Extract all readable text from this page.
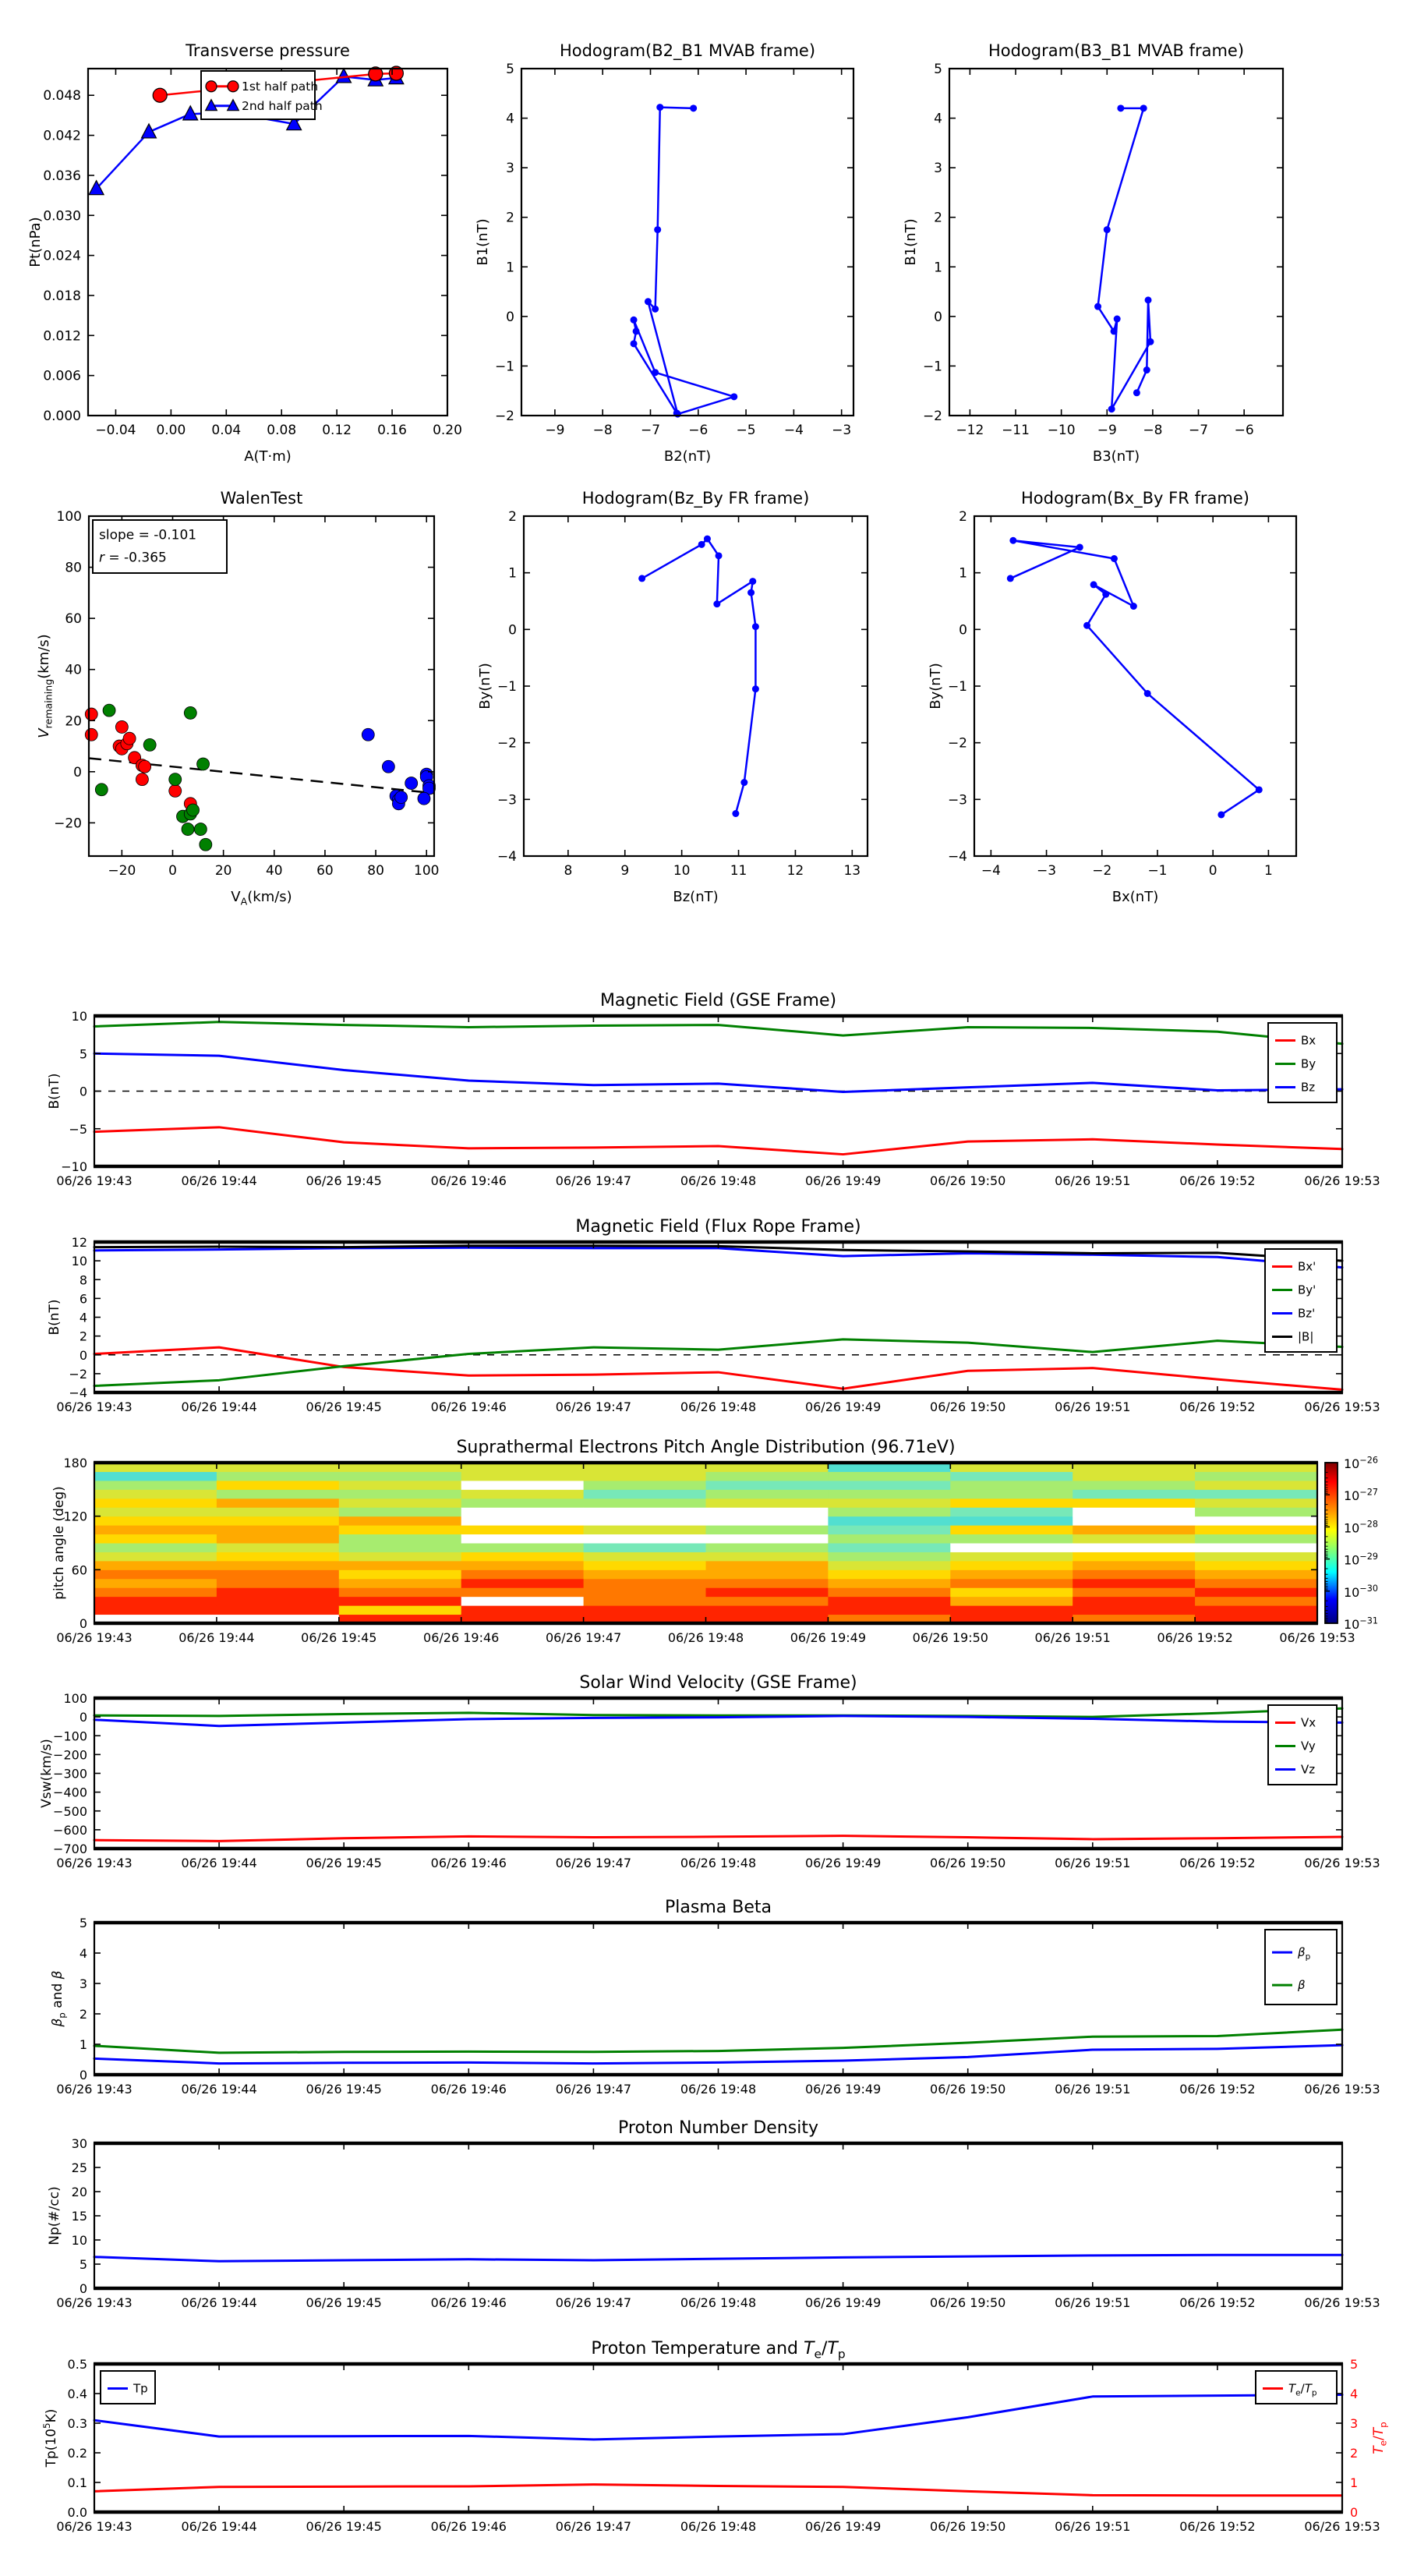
−0.04 0.00 0.04 0.08 0.12 0.16 0.20
0.000
0.006
0.012
0.018
0.024
0.030
0.036
0.042
0.048
Transverse pressure
A(T·m)
Pt(nPa)
1st half path
2nd half path
−9 −8 −7 −6 −5 −4 −3
−2
−1
0
1
2
3
4
5
Hodogram(B2_B1 MVAB frame)
B2(nT)
B1(nT)
−12 −11 −10 −9 −8 −7 −6
−2
−1
0
1
2
3
4
5
Hodogram(B3_B1 MVAB frame)
B3(nT)
B1(nT)
−20 0	20	40	60	80 100
−20
0
20
40
60
80
100
WalenTest
$V_A(km/s)$
$V_{remaining}(km/s)$
slope = -0.101
r = -0.365
8	9	10	11	12	13
−4
−3
−2
−1
0
1
2
Hodogram(Bz_By FR frame)
Bz(nT)
By(nT)
−4	−3	−2	−1	0	1
−4
−3
−2
−1
0
1
2
Hodogram(Bx_By FR frame)
Bx(nT)
By(nT)
06/26 19:43	06/26 19:44	06/26 19:45	06/26 19:46	06/26 19:47	06/26 19:48	06/26 19:49	06/26 19:50	06/26 19:51	06/26 19:52	06/26 19:53
−10
−5
0
5
10
Magnetic Field (GSE Frame)
B(nT)
Bx
By
Bz
06/26 19:43	06/26 19:44	06/26 19:45	06/26 19:46	06/26 19:47	06/26 19:48	06/26 19:49	06/26 19:50	06/26 19:51	06/26 19:52	06/26 19:53
−4
−2
0
2
4
6
8
10
12
Magnetic Field (Flux Rope Frame)
B(nT)
Bx'
By'
Bz'
|B|
06/26 19:43	06/26 19:44	06/26 19:45	06/26 19:46	06/26 19:47	06/26 19:48	06/26 19:49	06/26 19:50	06/26 19:51	06/26 19:52	06/26 19:53
0
60
120
180
Suprathermal Electrons Pitch Angle Distribution (96.71eV)
pitch angle (deg)
$10^{-26}$
$10^{-27}$
$10^{-28}$
$10^{-29}$
$10^{-30}$
$10^{-31}$
06/26 19:43	06/26 19:44	06/26 19:45	06/26 19:46	06/26 19:47	06/26 19:48	06/26 19:49	06/26 19:50	06/26 19:51	06/26 19:52	06/26 19:53
100
0
−100
−200
−300
−400
−500
−600
−700
Solar Wind Velocity (GSE Frame)
Vsw(km/s)
Vx
Vy
Vz
06/26 19:43	06/26 19:44	06/26 19:45	06/26 19:46	06/26 19:47	06/26 19:48	06/26 19:49	06/26 19:50	06/26 19:51	06/26 19:52	06/26 19:53
0
1
2
3
4
5
Plasma Beta
$\beta_p$ and β
$\beta_p$
β
06/26 19:43	06/26 19:44	06/26 19:45	06/26 19:46	06/26 19:47	06/26 19:48	06/26 19:49	06/26 19:50	06/26 19:51	06/26 19:52	06/26 19:53
0
5
10
15
20
25
30
Proton Number Density
Np(#/cc)
06/26 19:43	06/26 19:44	06/26 19:45	06/26 19:46	06/26 19:47	06/26 19:48	06/26 19:49	06/26 19:50	06/26 19:51	06/26 19:52	06/26 19:53
0.0
0.1
0.2
0.3
0.4
0.5
0
1
2
3
4
5
$T_e/T_p$
Proton Temperature and $T_e/T_p$
$Tp(10^5K)$
Tp	$T_e/T_p$
